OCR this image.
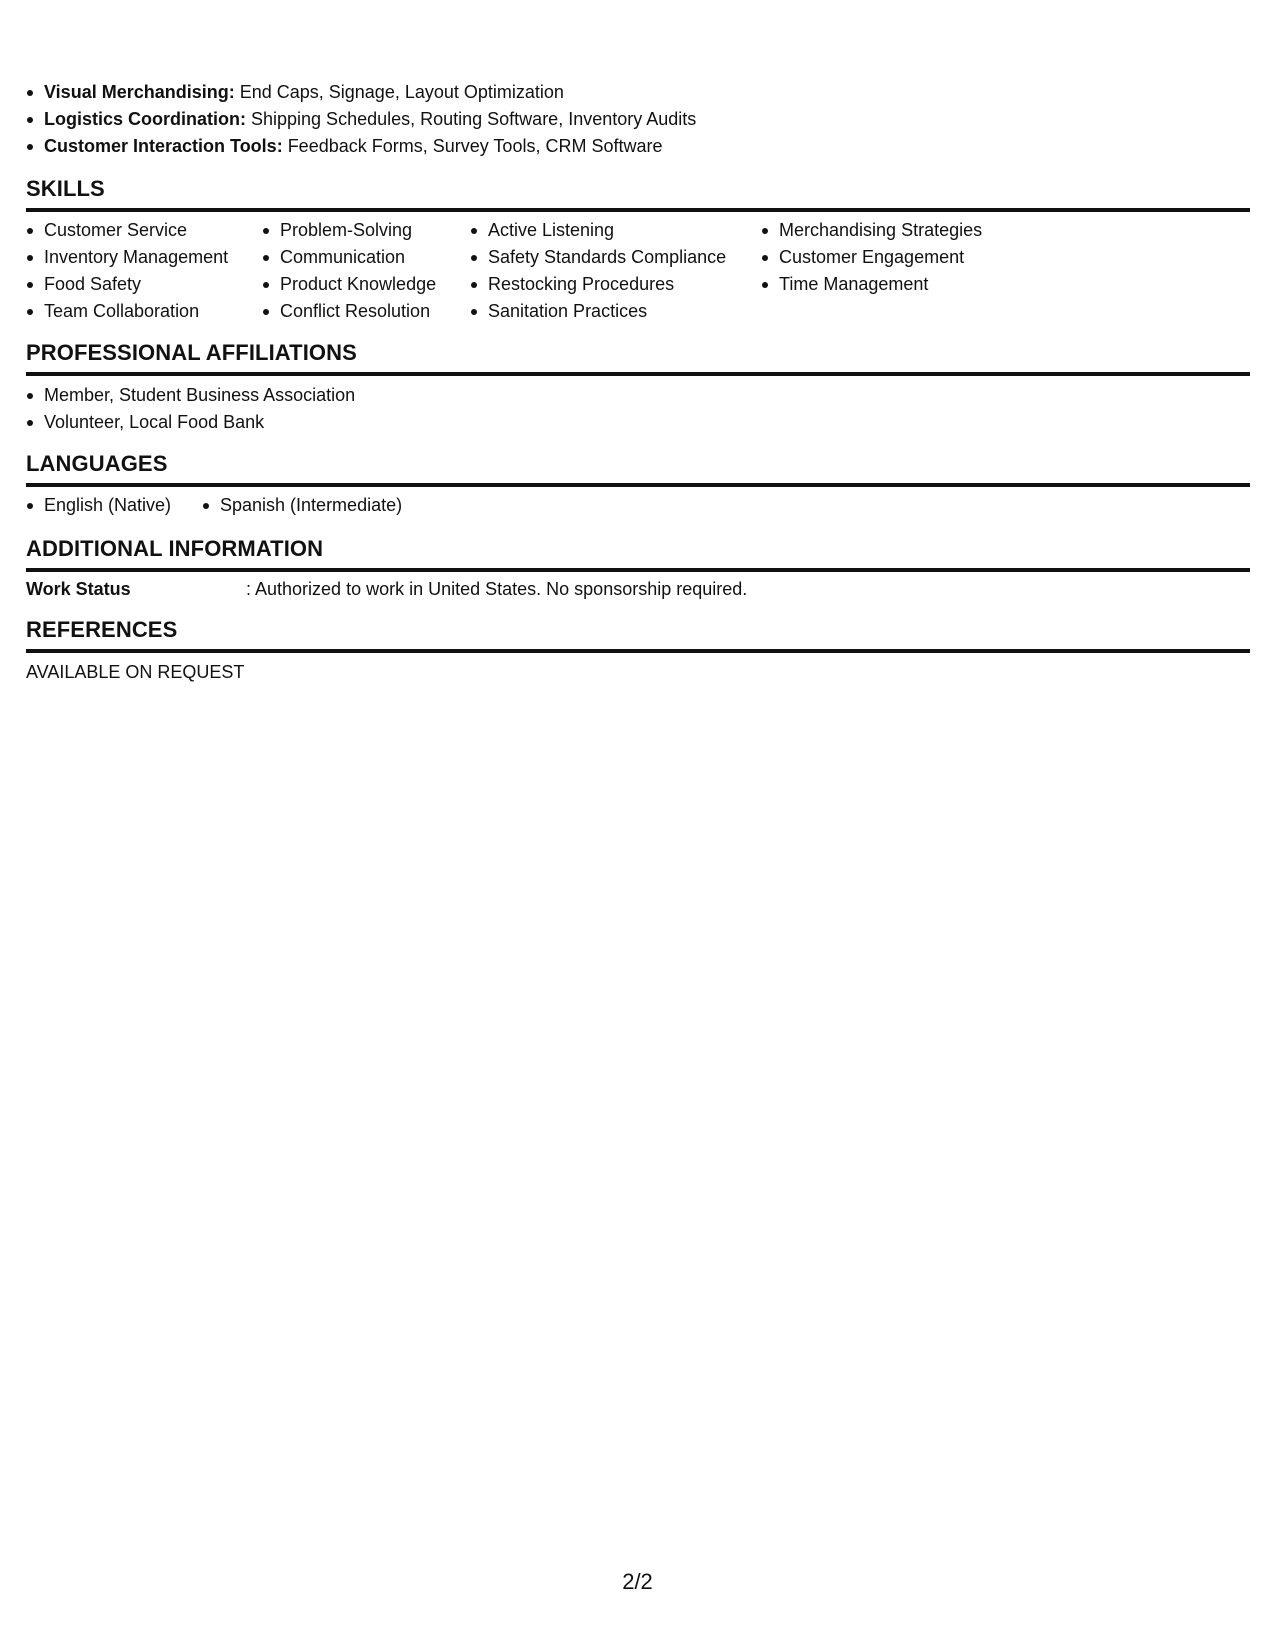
Visual Merchandising: End Caps, Signage, Layout Optimization
Logistics Coordination: Shipping Schedules, Routing Software, Inventory Audits
Customer Interaction Tools: Feedback Forms, Survey Tools, CRM Software
SKILLS
Customer Service
Inventory Management
Food Safety
Team Collaboration
Problem-Solving
Communication
Product Knowledge
Conflict Resolution
Active Listening
Safety Standards Compliance
Restocking Procedures
Sanitation Practices
Merchandising Strategies
Customer Engagement
Time Management
PROFESSIONAL AFFILIATIONS
Member, Student Business Association
Volunteer, Local Food Bank
LANGUAGES
English (Native)	Spanish (Intermediate)
ADDITIONAL INFORMATION
Work Status	: Authorized to work in United States. No sponsorship required.
REFERENCES
AVAILABLE ON REQUEST
2/2
